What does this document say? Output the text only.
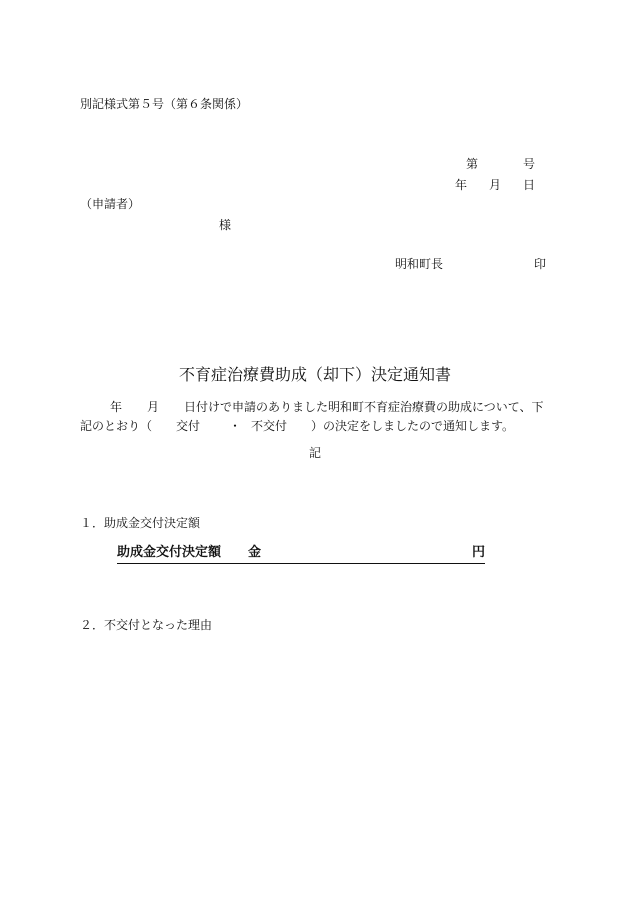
別記様式第５号（第６条関係）
第	号
年 月 日
（申請者）
様
明和町長	印
不育症治療費助成（却下）決定通知書
年 月 日付けで申請のありました明和町不育症治療費の助成について、下
記のとおり（ 交付 ・ 不交付 ）の決定をしましたので通知します。
記
１．助成金交付決定額
助成金交付決定額 金	円
２．不交付となった理由
